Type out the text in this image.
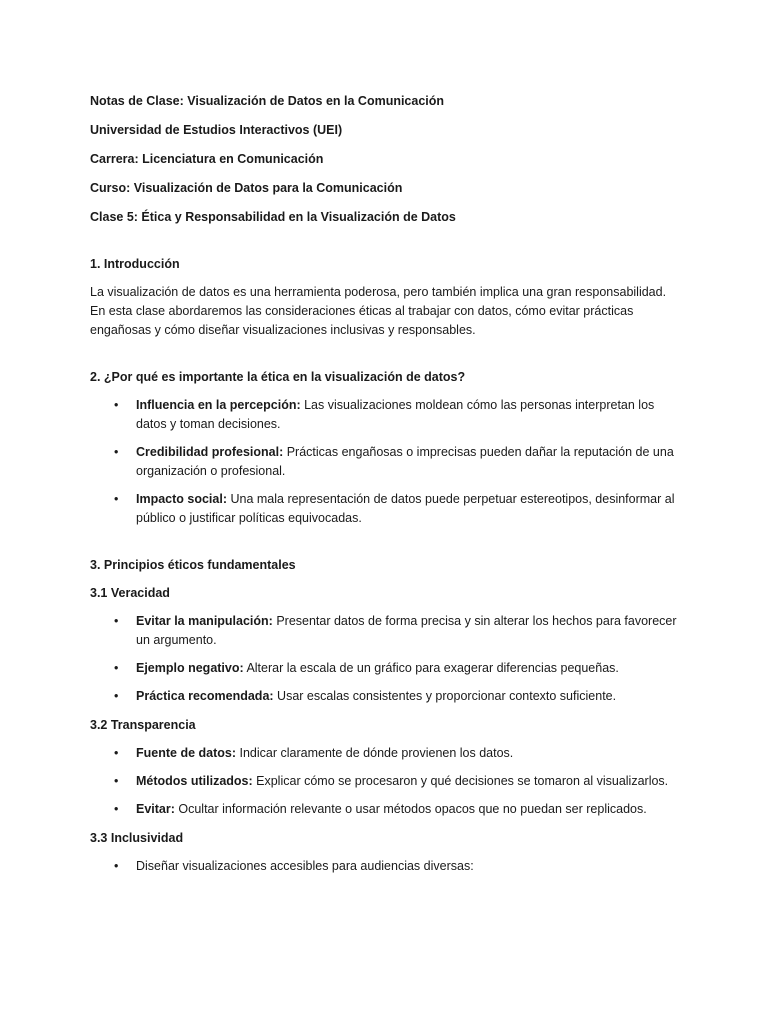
Notas de Clase: Visualización de Datos en la Comunicación
Universidad de Estudios Interactivos (UEI)
Carrera: Licenciatura en Comunicación
Curso: Visualización de Datos para la Comunicación
Clase 5: Ética y Responsabilidad en la Visualización de Datos
1. Introducción
La visualización de datos es una herramienta poderosa, pero también implica una gran responsabilidad.
En esta clase abordaremos las consideraciones éticas al trabajar con datos, cómo evitar prácticas
engañosas y cómo diseñar visualizaciones inclusivas y responsables.
2. ¿Por qué es importante la ética en la visualización de datos?
• Influencia en la percepción: Las visualizaciones moldean cómo las personas interpretan los
datos y toman decisiones.
• Credibilidad profesional: Prácticas engañosas o imprecisas pueden dañar la reputación de una
organización o profesional.
• Impacto social: Una mala representación de datos puede perpetuar estereotipos, desinformar al
público o justificar políticas equivocadas.
3. Principios éticos fundamentales
3.1 Veracidad
• Evitar la manipulación: Presentar datos de forma precisa y sin alterar los hechos para favorecer
un argumento.
• Ejemplo negativo: Alterar la escala de un gráfico para exagerar diferencias pequeñas.
• Práctica recomendada: Usar escalas consistentes y proporcionar contexto suficiente.
3.2 Transparencia
• Fuente de datos: Indicar claramente de dónde provienen los datos.
• Métodos utilizados: Explicar cómo se procesaron y qué decisiones se tomaron al visualizarlos.
• Evitar: Ocultar información relevante o usar métodos opacos que no puedan ser replicados.
3.3 Inclusividad
• Diseñar visualizaciones accesibles para audiencias diversas:
